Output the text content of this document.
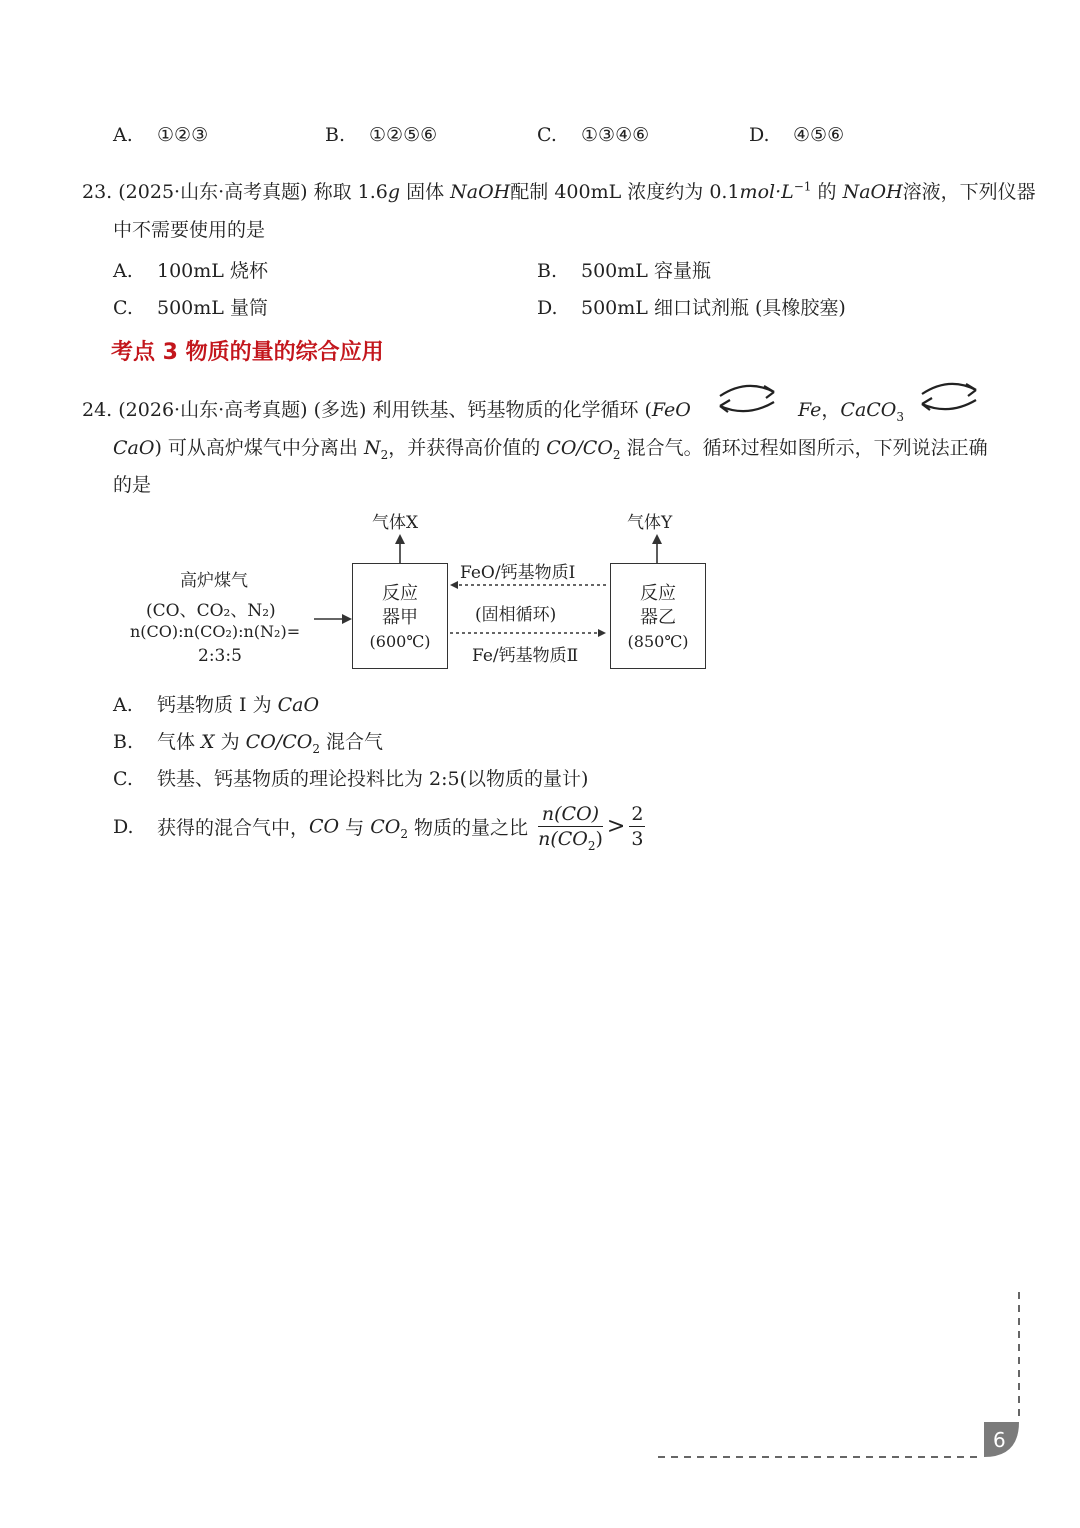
A. ①②③	B. ①②⑤⑥	C. ①③④⑥	D. ④⑤⑥
23. (2025·山东·高考真题) 称取 1.6g 固体 NaOH配制 400mL 浓度约为 $0.1mol\cdot L^{-1}$ 的 NaOH溶液，下列仪器
中不需要使用的是
A. 100mL 烧杯	B. 500mL 容量瓶
C. 500mL 量筒	D. 500mL 细口试剂瓶 (具橡胶塞)
考点 3 物质的量的综合应用
24. (2026·山东·高考真题) (多选) 利用铁基、钙基物质的化学循环 (FeO	Fe，CaCO$_3$
CaO) 可从高炉煤气中分离出 $N_2$，并获得高价值的 $CO/CO_2$ 混合气。循环过程如图所示，下列说法正确
的是
气体X	气体Y
高炉煤气
(CO、CO₂、N₂)
n(CO):n(CO₂):n(N₂)=
2:3:5
反应
器甲
(600℃)
反应
器乙
(850℃)
FeO/钙基物质I
(固相循环)
Fe/钙基物质Ⅱ
A. 钙基物质 Ⅰ 为 CaO
B. 气体 X 为 $CO/CO_2$ 混合气
C. 铁基、钙基物质的理论投料比为 2:5(以物质的量计)
D. 获得的混合气中，CO 与 $CO_2$ 物质的量之比 $\frac{n(CO)}{n(CO_2)} > \frac{2}{3}$
6
